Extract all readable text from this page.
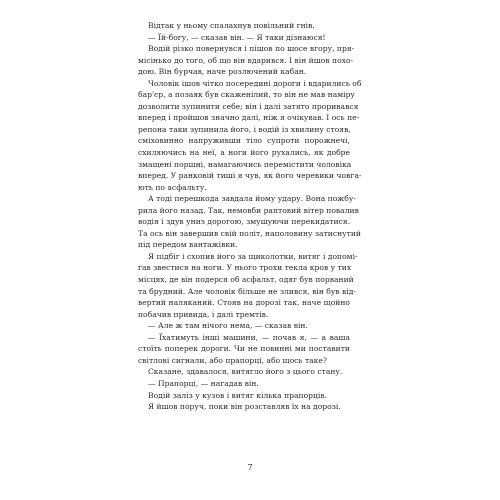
Відтак у ньому спалахнув повільний гнів.
— Їй-богу, — сказав він. — Я таки дізнаюся!
Водій різко повернувся і пішов по шосе вгору, пря-
місінько до того, об що він вдарився. І він йшов похо-
дою. Він бурчав, наче розлючений кабан.
Чоловік ішов чітко посередині дороги і вдарились об
бар'єр, а позаяк був скаженілий, то він не мав наміру
дозволити зупинити себе; він і далі затято проривався
вперед і пройшов значно далі, ніж я очікував. І ось пе-
репона таки зупинила його, і водій із хвилину стояв,
сміховинно напруживши тіло супроти порожнечі,
схиляючись на неї, а ноги його рухались, як добре
змащені поршні, намагаючись перемістити чоловіка
вперед. У ранковій тиші я чув, як його черевики човга-
ють по асфальту.
А тоді перешкода завдала йому удару. Вона пожбу-
рила його назад. Так, немовби раптовий вітер повалив
водія і здув униз дорогою, змушуючи перекидатися.
Та ось він завершив свій політ, наполовину затиснутий
під передом вантажівки.
Я підбіг і схопив його за щиколотки, витяг і допомі-
гав звестися на ноги. У нього трохи текла кров у тих
місцях, де він подерся об асфальт, одяг був порваний
та брудний. Але чоловік більше не злився, він був від-
вертий наляканий. Стояв на дорозі так, наче щойно
побачив привида, і далі тремтів.
— Але ж там нічого нема, — сказав він.
— Їхатимуть інші машини, — почав я, — а ваша
стоїть поперек дороги. Чи не повинні ми поставити
світлові сигнали, або прапорці, або щось таке?
Сказане, здавалося, витягло його з цього стану.
— Прапорці, — нагадав він.
Водій заліз у кузов і витяг кілька прапорців.
Я йшов поруч, поки він розставляв їх на дорозі.
7
